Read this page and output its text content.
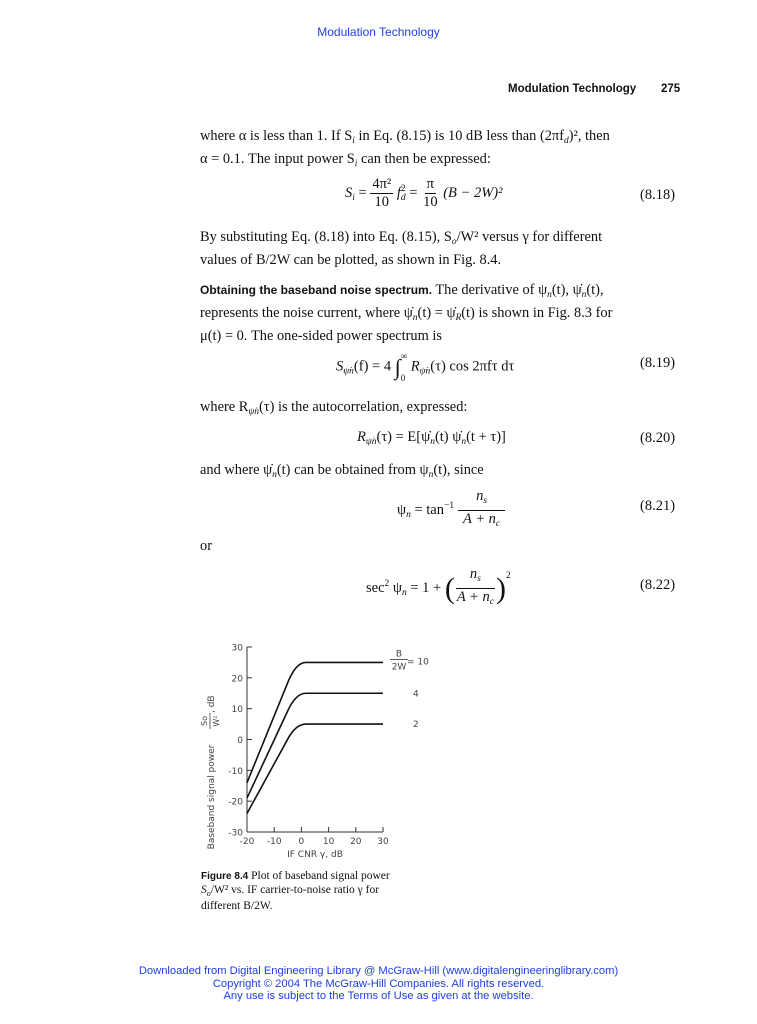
Modulation Technology
Modulation Technology 275
where α is less than 1. If $S_i$ in Eq. (8.15) is 10 dB less than $(2\pi f_d)^2$, then
α = 0.1. The input power $S_i$ can then be expressed:
$S_i = \frac{\text{4π²}}{10}$ f 2
$d = \frac{\pi}{10} (B - 2W)^2$	(8.18)
By substituting Eq. (8.18) into Eq. (8.15), $S_o/W^2$ versus γ for different
values of B/2W can be plotted, as shown in Fig. 8.4.
Obtaining the baseband noise spectrum. The derivative of $\psi_n(t)$, $\psi̇_n(t)$,
represents the noise current, where $\psi̇_n(t)$ = $\psi̇_R(t)$ is shown in Fig. 8.3 for
μ(t) = 0. The one-sided power spectrum is
$S_{\psi̇n}(f) = 4$ ∫ ∞
0
$R_{\psi̇n}(\tau)$ cos 2πfτ dτ	(8.19)
where $R_{\psi̇n}(\tau)$ is the autocorrelation, expressed:
$R_{\psi̇n}(\tau)$ = $E[\psi̇_n(t)$ $\psi̇_n(t + \tau)$]	(8.20)
and where $\psi̇_n(t)$ can be obtained from $\psi_n(t)$, since
$\psi_n = \tan^{-1} \frac{n_s}{A + n_c}$	(8.21)
or
$\sec^2 \psi_n = 1$ + ( $\frac{n_s}{A + n_c} )^2$
(8.22)
30
20
10
0
-10
-20
-30
-20 -10 0 10 20 30
IF CNR γ, dB
Baseband signal power
So W²
, dB
= 10
4
2
B
2W
Figure 8.4 Plot of baseband signal power
$S_o/W^2$ vs. IF carrier-to-noise ratio γ for
different B/2W.
Downloaded from Digital Engineering Library @ McGraw-Hill (www.digitalengineeringlibrary.com)
Copyright © 2004 The McGraw-Hill Companies. All rights reserved.
Any use is subject to the Terms of Use as given at the website.
